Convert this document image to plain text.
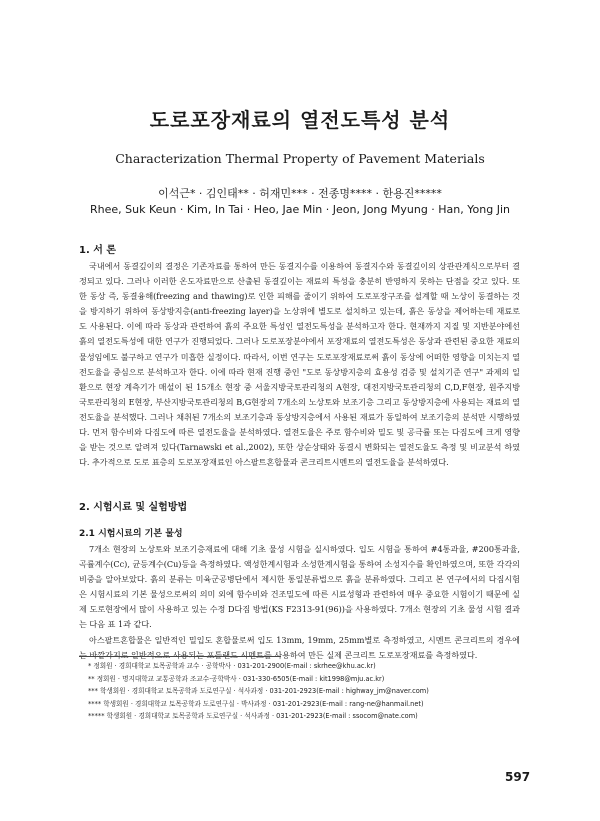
도로포장재료의 열전도특성 분석
Characterization Thermal Property of Pavement Materials
이석근* · 김인태** · 허재민*** · 전종명**** · 한용진*****
Rhee, Suk Keun · Kim, In Tai · Heo, Jae Min · Jeon, Jong Myung · Han, Yong Jin
1. 서 론

국내에서 동결깊이의 결정은 기존자료를 통하여 만든 동결지수를 이용하여 동결지수와 동결깊이의 상관관계식으로부터 결정되고 있다. 그러나 이러한 온도자료만으로 산출된 동결깊이는 재료의 특성을 충분히 반영하지 못하는 단점을 갖고 있다. 또한 동상 즉, 동결융해(freezing and thawing)로 인한 피해를 줄이기 위하여 도로포장구조를 설계할 때 노상이 동결하는 것을 방지하기 위하여 동상방지층(anti-freezing layer)을 노상위에 별도로 설치하고 있는데, 흙은 동상을 제어하는데 재료로도 사용된다. 이에 따라 동상과 관련하여 흙의 주요한 특성인 열전도특성을 분석하고자 한다. 현재까지 지질 및 지반분야에선 흙의 열전도특성에 대한 연구가 진행되었다. 그러나 도로포장분야에서 포장재료의 열전도특성은 동상과 관련된 중요한 재료의 물성임에도 불구하고 연구가 미흡한 실정이다. 따라서, 이번 연구는 도로포장재료로써 흙이 동상에 어떠한 영향을 미치는지 열전도율을 중심으로 분석하고자 한다. 이에 따라 현재 진행 중인 "도로 동상방지층의 효용성 검증 및 설치기준 연구" 과제의 일환으로 현장 계측기가 매설이 된 15개소 현장 중 서울지방국토관리청의 A현장, 대전지방국토관리청의 C,D,F현장, 원주지방국토관리청의 E현장, 부산지방국토관리청의 B,G현장의 7개소의 노상토와 보조기층 그리고 동상방지층에 사용되는 재료의 열전도율을 분석했다. 그러나 채취된 7개소의 보조기층과 동상방지층에서 사용된 재료가 동일하여 보조기층의 분석만 시행하였다. 먼저 함수비와 다짐도에 따른 열전도율을 분석하였다. 열전도율은 주로 함수비와 밀도 및 공극률 또는 다짐도에 크게 영향을 받는 것으로 알려져 있다(Tarnawski et al.,2002), 또한 상순상태와 동결시 변화되는 열전도율도 측정 및 비교분석 하였다. 추가적으로 도로 표층의 도로포장재료인 아스팔트혼합물과 콘크리트시멘트의 열전도율을 분석하였다.

2. 시험시료 및 실험방법
2.1 시험시료의 기본 물성

7개소 현장의 노상토와 보조기층재료에 대해 기초 물성 시험을 실시하였다. 입도 시험을 통하여 #4통과율, #200통과율, 곡률계수(Cc), 균등계수(Cu)등을 측정하였다. 액성한계시험과 소성한계시험을 통하여 소성지수를 확인하였으며, 또한 각각의 비중을 알아보았다. 흙의 분류는 미육군공병단에서 제시한 통일분류법으로 흙을 분류하였다. 그리고 본 연구에서의 다짐시험은 시험시료의 기본 물성으로써의 의미 외에 함수비와 건조밀도에 따른 시료성형과 관련하여 매우 중요한 시험이기 때문에 실제 도로현장에서 많이 사용하고 있는 수정 D다짐 방법(KS F2313-91(96))을 사용하였다. 7개소 현장의 기초 물성 시험 결과는 다음 표 1과 같다.

아스팔트혼합물은 일반적인 밀입도 혼합물로써 입도 13mm, 19mm, 25mm별로 측정하였고, 시멘트 콘크리트의 경우에는 바깥가지로 일반적으로 사용되는 포틀랜드 시멘트를 사용하여 만든 실제 콘크리트 도로포장재료를 측정하였다.

* 정회원 · 경희대학교 토목공학과 교수 · 공학박사 · 031-201-2900(E-mail : skrhee@khu.ac.kr)
** 정회원 · 명지대학교 교통공학과 조교수·공학박사 · 031-330-6505(E-mail : kit1998@mju.ac.kr)
*** 학생회원 · 경희대학교 토목공학과 도로연구실 · 석사과정 · 031-201-2923(E-mail : highway_jm@naver.com)
**** 학생회원 · 경희대학교 토목공학과 도로연구실 · 박사과정 · 031-201-2923(E-mail : rang-ne@hanmail.net)
***** 학생회원 · 경희대학교 토목공학과 도로연구실 · 석사과정 · 031-201-2923(E-mail : ssocom@nate.com)
597
